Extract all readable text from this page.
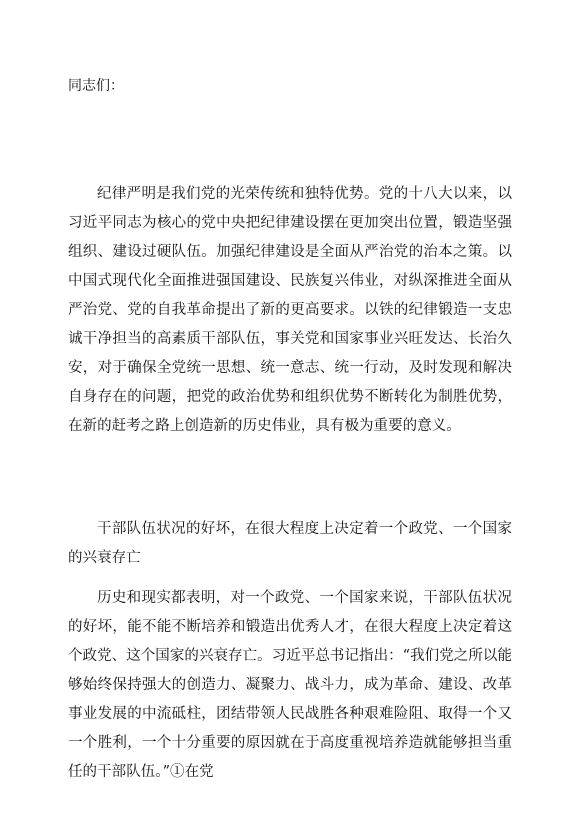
同志们：

纪律严明是我们党的光荣传统和独特优势。党的十八大以来，以习近平同志为核心的党中央把纪律建设摆在更加突出位置，锻造坚强组织、建设过硬队伍。加强纪律建设是全面从严治党的治本之策。以中国式现代化全面推进强国建设、民族复兴伟业，对纵深推进全面从严治党、党的自我革命提出了新的更高要求。以铁的纪律锻造一支忠诚干净担当的高素质干部队伍，事关党和国家事业兴旺发达、长治久安，对于确保全党统一思想、统一意志、统一行动，及时发现和解决自身存在的问题，把党的政治优势和组织优势不断转化为制胜优势，在新的赶考之路上创造新的历史伟业，具有极为重要的意义。

干部队伍状况的好坏，在很大程度上决定着一个政党、一个国家的兴衰存亡

历史和现实都表明，对一个政党、一个国家来说，干部队伍状况的好坏，能不能不断培养和锻造出优秀人才，在很大程度上决定着这个政党、这个国家的兴衰存亡。习近平总书记指出：“我们党之所以能够始终保持强大的创造力、凝聚力、战斗力，成为革命、建设、改革事业发展的中流砥柱，团结带领人民战胜各种艰难险阻、取得一个又一个胜利，一个十分重要的原因就在于高度重视培养造就能够担当重任的干部队伍。”①在党
